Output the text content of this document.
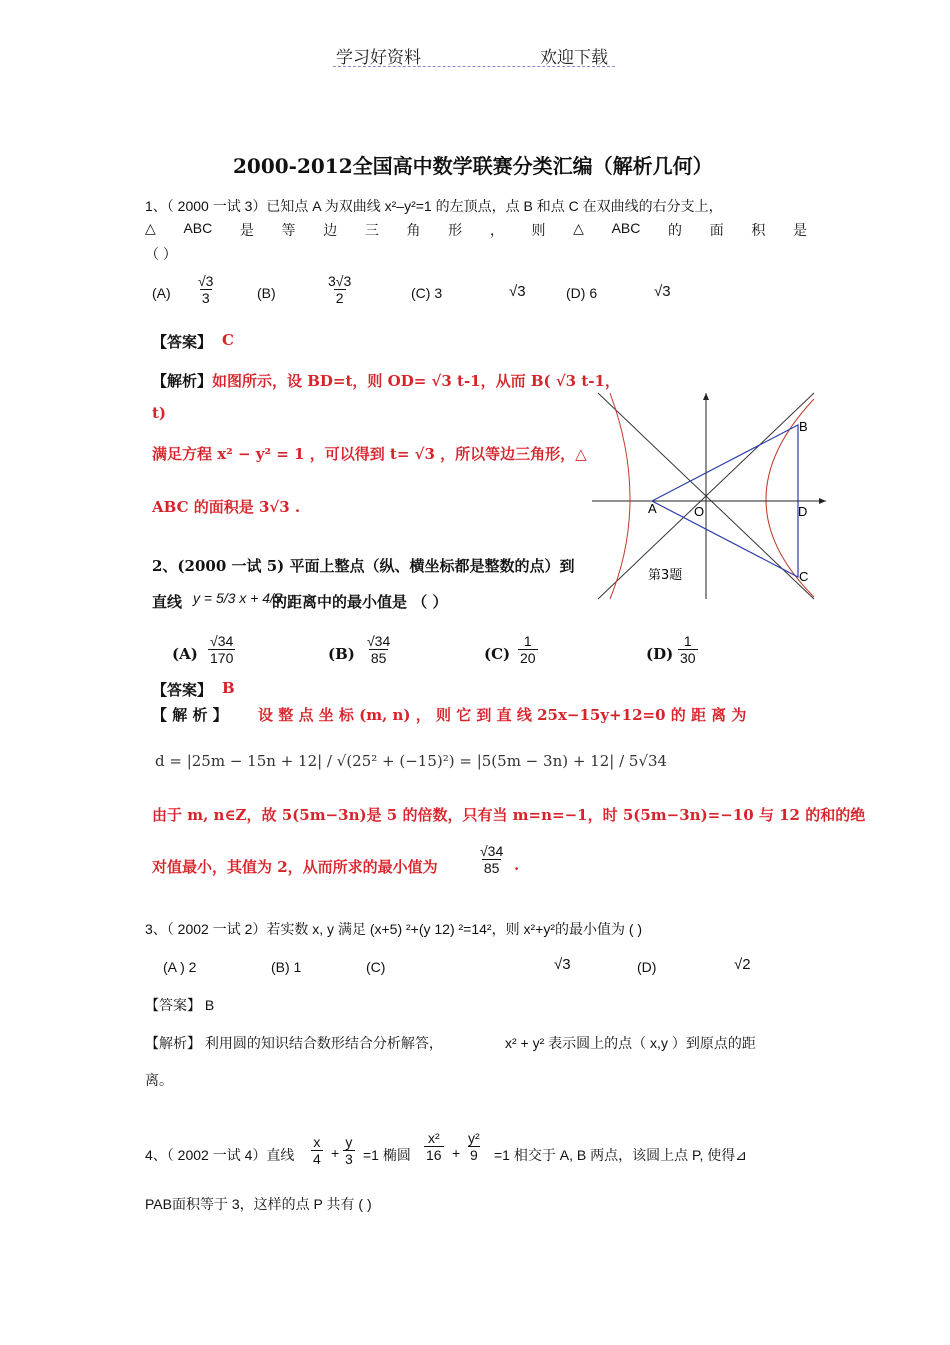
学习好资料	欢迎下载
2000-2012全国高中数学联赛分类汇编（解析几何）
1、（ 2000 一试 3）已知点 A 为双曲线 x²–y²=1 的左顶点，点 B 和点 C 在双曲线的右分支上，
△ ABC 是 等 边 三 角 形 ， 则 △ ABC 的 面 积 是
（ ）
$(A) \frac{√3}{3}$	(B)	$\frac{3√3}{2}$	(C) 3	√3	(D) 6	√3
【答案】 C
【解析】 如图所示，设 BD=t，则 OD= √3 t-1，从而 B( √3 t-1，
t)
满足方程 x² − y² = 1 ，可以得到 t= √3 ，所以等边三角形，△
ABC 的面积是 3√3 .	A	O
B
D
C
第3题
2、(2000 一试 5) 平面上整点（纵、横坐标都是整数的点）到
直线 y = 5/3 x + 4/5
的距离中的最小值是 （ ）
$(A) \frac{√34}{170}$	$(B) \frac{√34}{85}$	$(C) \frac{1}{20}$	$(D) \frac{1}{30}$
【答案】 B
【 解 析 】 设 整 点 坐 标 (m, n) ， 则 它 到 直 线 25x−15y+12=0 的 距 离 为
d = |25m − 15n + 12| / √(25² + (−15)²) = |5(5m − 3n) + 12| / 5√34
由于 m, n∈Z，故 5(5m−3n)是 5 的倍数，只有当 m=n=−1，时 5(5m−3n)=−10 与 12 的和的绝
对值最小，其值为 2，从而所求的最小值为	$\frac{√34}{85}$ .
3、（ 2002 一试 2）若实数 x, y 满足 (x+5) ²+(y 12) ²=14²，则 x²+y²的最小值为 ( )
(A ) 2	(B) 1	(C)	√3	(D)	√2
【答案】 B
【解析】 利用圆的知识结合数形结合分析解答，	x² + y² 表示圆上的点（ x,y ）到原点的距
离。
4、（ 2002 一试 4）直线 $\frac{x}{4} + \frac{y}{3} =1$ 椭圆 $\frac{\text{x²}}{16} + \frac{\text{y²}}{9} =1$ 相交于 A, B 两点，该圆上点 P, 使得⊿
PAB面积等于 3，这样的点 P 共有 ( )
